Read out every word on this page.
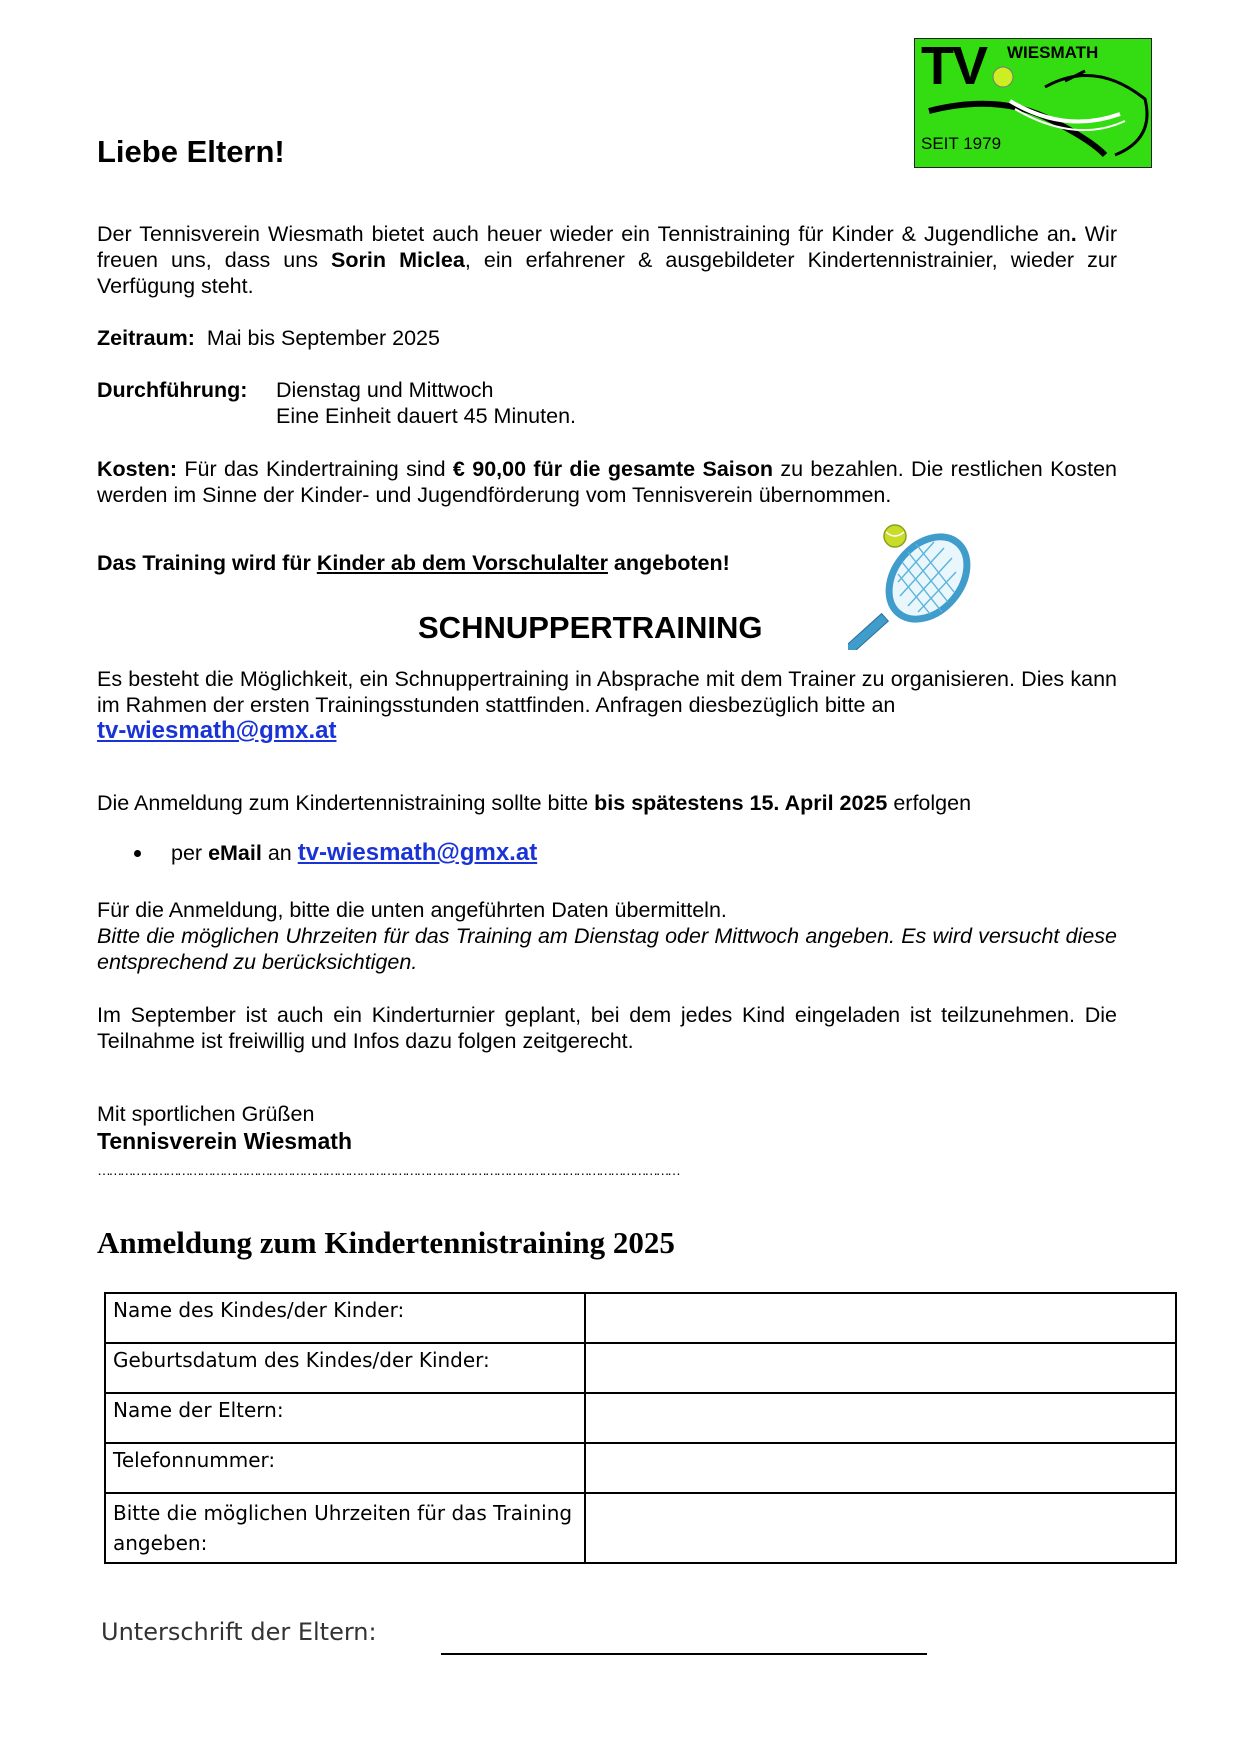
TV WIESMATH
SEIT 1979
Liebe Eltern!
Der Tennisverein Wiesmath bietet auch heuer wieder ein Tennistraining für Kinder & Jugendliche an. Wir freuen uns, dass uns Sorin Miclea, ein erfahrener & ausgebildeter Kindertennistrainier, wieder zur Verfügung steht.
Zeitraum: Mai bis September 2025
Durchführung: Dienstag und Mittwoch
Eine Einheit dauert 45 Minuten.
Kosten: Für das Kindertraining sind € 90,00 für die gesamte Saison zu bezahlen. Die restlichen Kosten werden im Sinne der Kinder- und Jugendförderung vom Tennisverein übernommen.
Das Training wird für Kinder ab dem Vorschulalter angeboten!
SCHNUPPERTRAINING
Es besteht die Möglichkeit, ein Schnuppertraining in Absprache mit dem Trainer zu organisieren. Dies kann im Rahmen der ersten Trainingsstunden stattfinden. Anfragen diesbezüglich bitte an
tv-wiesmath@gmx.at
Die Anmeldung zum Kindertennistraining sollte bitte bis spätestens 15. April 2025 erfolgen
per eMail an tv-wiesmath@gmx.at
Für die Anmeldung, bitte die unten angeführten Daten übermitteln.
Bitte die möglichen Uhrzeiten für das Training am Dienstag oder Mittwoch angeben. Es wird versucht diese entsprechend zu berücksichtigen.
Im September ist auch ein Kinderturnier geplant, bei dem jedes Kind eingeladen ist teilzunehmen. Die Teilnahme ist freiwillig und Infos dazu folgen zeitgerecht.
Mit sportlichen Grüßen
Tennisverein Wiesmath
………………………………………………………………………………………………………………………………………
Anmeldung zum Kindertennistraining 2025
Name des Kindes/der Kinder:	
Geburtsdatum des Kindes/der Kinder:	
Name der Eltern:	
Telefonnummer:	
Bitte die möglichen Uhrzeiten für das Training angeben:	
Unterschrift der Eltern:
